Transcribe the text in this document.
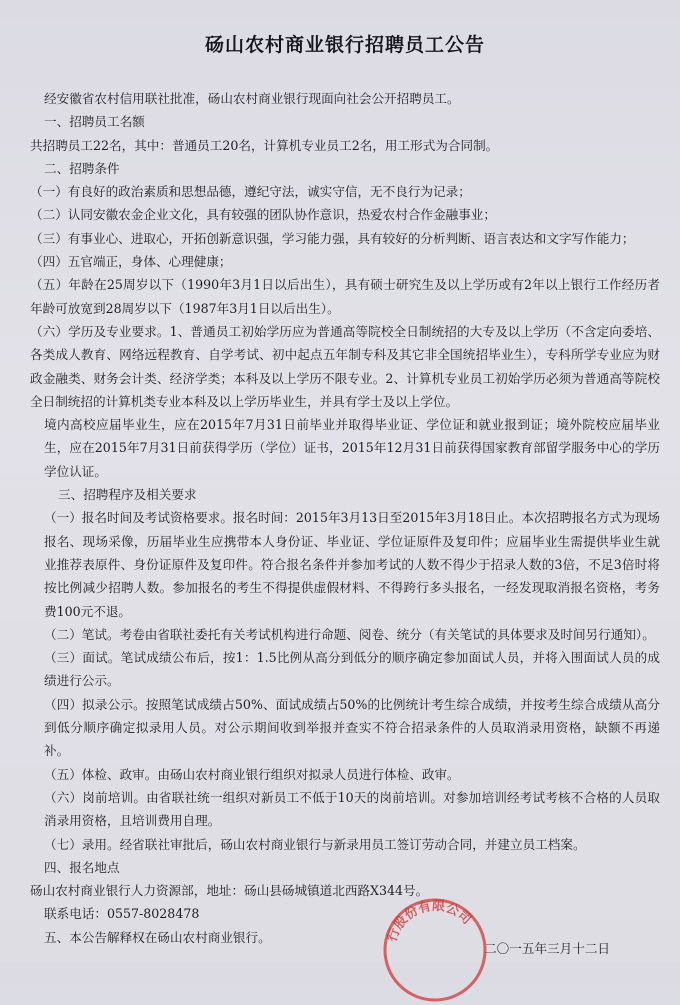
砀山农村商业银行招聘员工公告

经安徽省农村信用联社批准，砀山农村商业银行现面向社会公开招聘员工。

一、招聘员工名额

共招聘员工22名，其中：普通员工20名，计算机专业员工2名，用工形式为合同制。

二、招聘条件

（一）有良好的政治素质和思想品德，遵纪守法，诚实守信，无不良行为记录；

（二）认同安徽农金企业文化，具有较强的团队协作意识，热爱农村合作金融事业；

（三）有事业心、进取心，开拓创新意识强，学习能力强，具有较好的分析判断、语言表达和文字写作能力；

（四）五官端正，身体、心理健康；

（五）年龄在25周岁以下（1990年3月1日以后出生），具有硕士研究生及以上学历或有2年以上银行工作经历者年龄可放宽到28周岁以下（1987年3月1日以后出生）。

（六）学历及专业要求。1、普通员工初始学历应为普通高等院校全日制统招的大专及以上学历（不含定向委培、各类成人教育、网络远程教育、自学考试、初中起点五年制专科及其它非全国统招毕业生），专科所学专业应为财政金融类、财务会计类、经济学类；本科及以上学历不限专业。2、计算机专业员工初始学历必须为普通高等院校全日制统招的计算机类专业本科及以上学历毕业生，并具有学士及以上学位。

境内高校应届毕业生，应在2015年7月31日前毕业并取得毕业证、学位证和就业报到证；境外院校应届毕业生，应在2015年7月31日前获得学历（学位）证书，2015年12月31日前获得国家教育部留学服务中心的学历学位认证。

三、招聘程序及相关要求

（一）报名时间及考试资格要求。报名时间：2015年3月13日至2015年3月18日止。本次招聘报名方式为现场报名、现场采像，历届毕业生应携带本人身份证、毕业证、学位证原件及复印件；应届毕业生需提供毕业生就业推荐表原件、身份证原件及复印件。符合报名条件并参加考试的人数不得少于招录人数的3倍，不足3倍时将按比例减少招聘人数。参加报名的考生不得提供虚假材料、不得跨行多头报名，一经发现取消报名资格，考务费100元不退。

（二）笔试。考卷由省联社委托有关考试机构进行命题、阅卷、统分（有关笔试的具体要求及时间另行通知）。

（三）面试。笔试成绩公布后，按1：1.5比例从高分到低分的顺序确定参加面试人员，并将入围面试人员的成绩进行公示。

（四）拟录公示。按照笔试成绩占50%、面试成绩占50%的比例统计考生综合成绩，并按考生综合成绩从高分到低分顺序确定拟录用人员。对公示期间收到举报并查实不符合招录条件的人员取消录用资格，缺额不再递补。

（五）体检、政审。由砀山农村商业银行组织对拟录人员进行体检、政审。

（六）岗前培训。由省联社统一组织对新员工不低于10天的岗前培训。对参加培训经考试考核不合格的人员取消录用资格，且培训费用自理。

（七）录用。经省联社审批后，砀山农村商业银行与新录用员工签订劳动合同，并建立员工档案。

四、报名地点

砀山农村商业银行人力资源部，地址：砀山县砀城镇道北西路X344号。

联系电话：0557-8028478

五、本公告解释权在砀山农村商业银行。	行股份有限公司
二〇一五年三月十二日
